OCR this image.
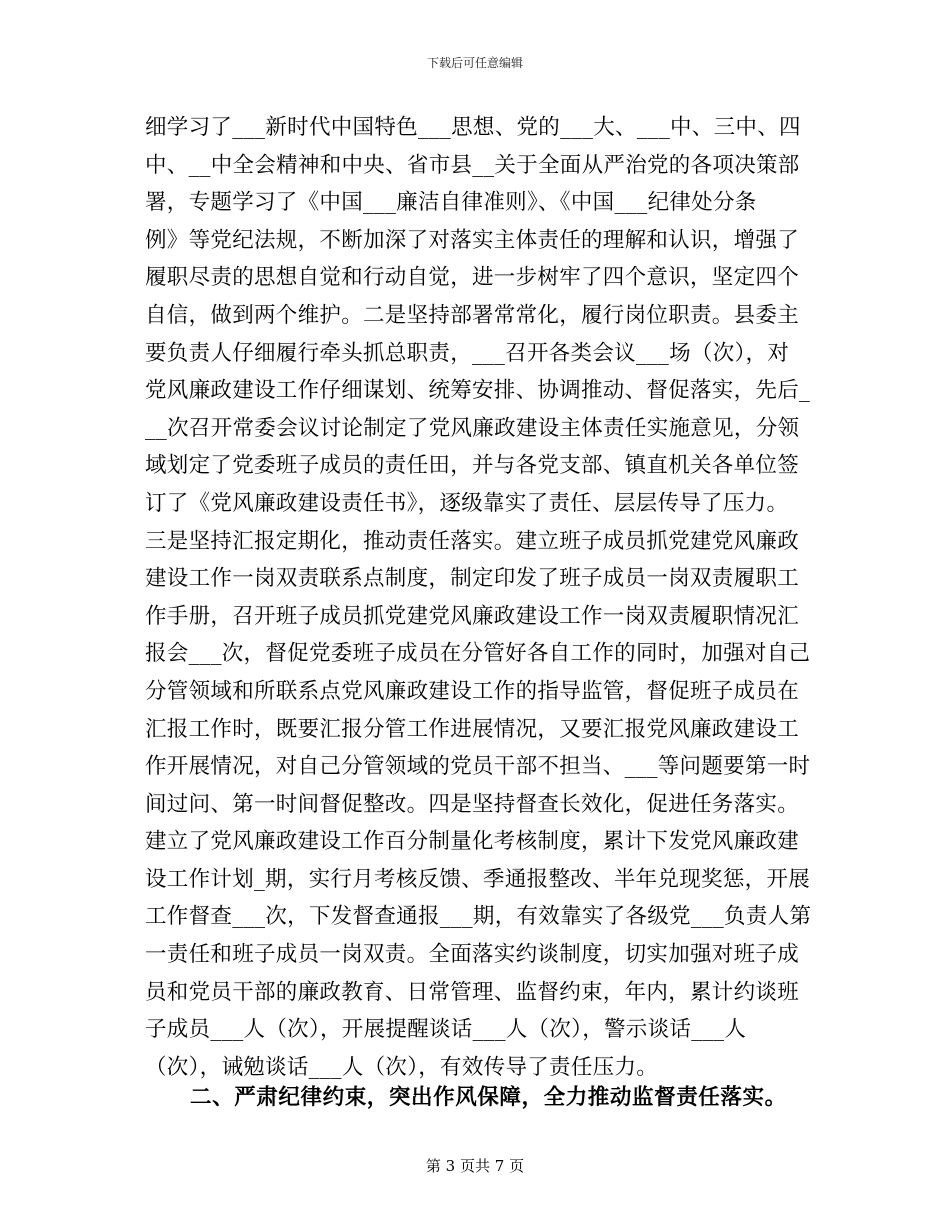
下载后可任意编辑
细学习了___新时代中国特色___思想、党的___大、___中、三中、四
中、__中全会精神和中央、省市县__关于全面从严治党的各项决策部
署，专题学习了《中国___廉洁自律准则》、《中国___纪律处分条
例》等党纪法规，不断加深了对落实主体责任的理解和认识，增强了
履职尽责的思想自觉和行动自觉，进一步树牢了四个意识，坚定四个
自信，做到两个维护。二是坚持部署常常化，履行岗位职责。县委主
要负责人仔细履行牵头抓总职责，___召开各类会议___场（次），对
党风廉政建设工作仔细谋划、统筹安排、协调推动、督促落实，先后_
__次召开常委会议讨论制定了党风廉政建设主体责任实施意见，分领
域划定了党委班子成员的责任田，并与各党支部、镇直机关各单位签
订了《党风廉政建设责任书》，逐级靠实了责任、层层传导了压力。
三是坚持汇报定期化，推动责任落实。建立班子成员抓党建党风廉政
建设工作一岗双责联系点制度，制定印发了班子成员一岗双责履职工
作手册，召开班子成员抓党建党风廉政建设工作一岗双责履职情况汇
报会___次，督促党委班子成员在分管好各自工作的同时，加强对自己
分管领域和所联系点党风廉政建设工作的指导监管，督促班子成员在
汇报工作时，既要汇报分管工作进展情况，又要汇报党风廉政建设工
作开展情况，对自己分管领域的党员干部不担当、___等问题要第一时
间过问、第一时间督促整改。四是坚持督查长效化，促进任务落实。
建立了党风廉政建设工作百分制量化考核制度，累计下发党风廉政建
设工作计划_期，实行月考核反馈、季通报整改、半年兑现奖惩，开展
工作督查___次，下发督查通报___期，有效靠实了各级党___负责人第
一责任和班子成员一岗双责。全面落实约谈制度，切实加强对班子成
员和党员干部的廉政教育、日常管理、监督约束，年内，累计约谈班
子成员___人（次），开展提醒谈话___人（次），警示谈话___人
（次），诫勉谈话___人（次），有效传导了责任压力。
二、严肃纪律约束，突出作风保障，全力推动监督责任落实。
第 3 页共 7 页
